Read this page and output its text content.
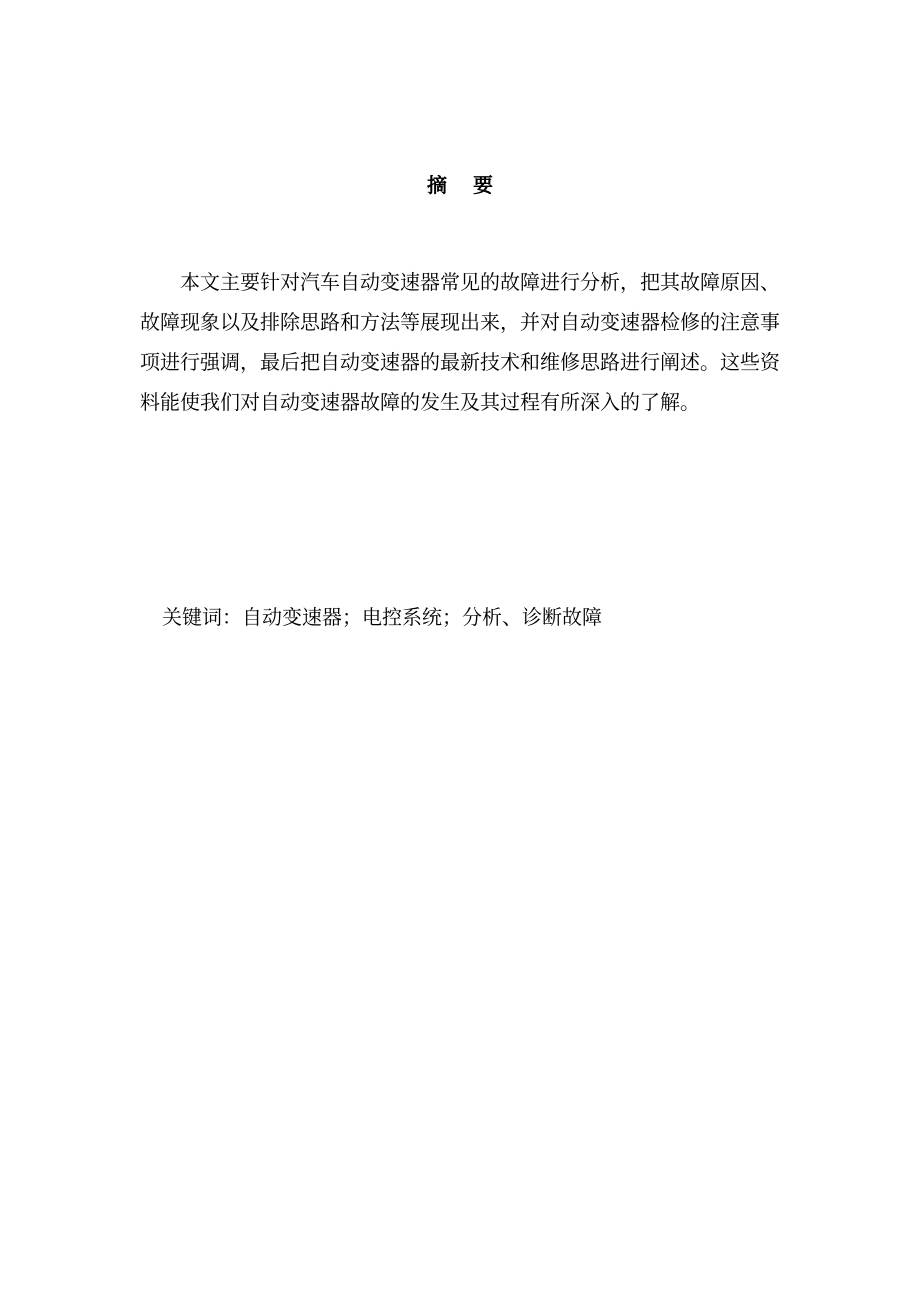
摘 要

本文主要针对汽车自动变速器常见的故障进行分析，把其故障原因、故障现象以及排除思路和方法等展现出来，并对自动变速器检修的注意事项进行强调，最后把自动变速器的最新技术和维修思路进行阐述。这些资料能使我们对自动变速器故障的发生及其过程有所深入的了解。

关键词：自动变速器；电控系统；分析、诊断故障
